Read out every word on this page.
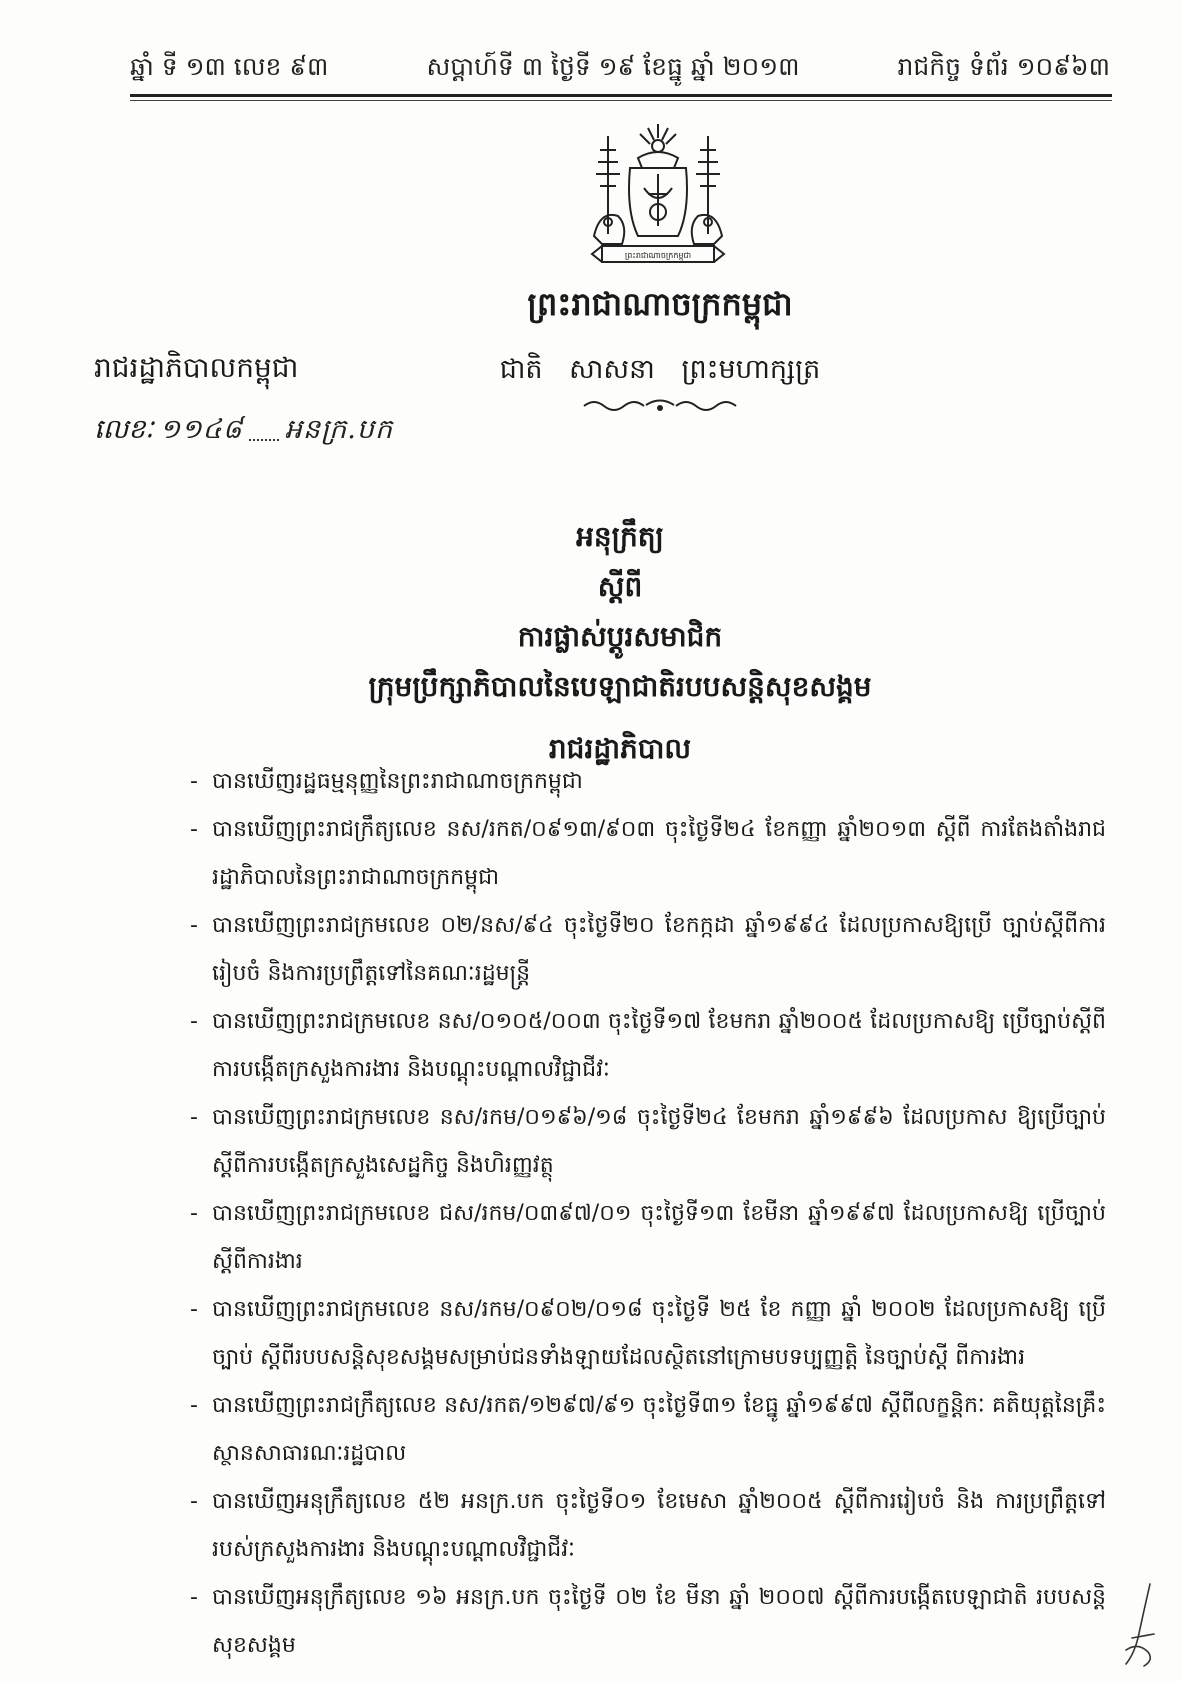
ឆ្នាំ ទី ១៣ លេខ ៩៣	សប្តាហ៍ទី ៣ ថ្ងៃទី ១៩ ខែធ្នូ ឆ្នាំ ២០១៣	រាជកិច្ច ទំព័រ ១០៩៦៣
ព្រះរាជាណាចក្រកម្ពុជា
ព្រះរាជាណាចក្រកម្ពុជា
ជាតិ សាសនា ព្រះមហាក្សត្រ
រាជរដ្ឋាភិបាលកម្ពុជា
លេខៈ ១១៤៨ អនក្រ.បក

អនុក្រឹត្យ

ស្តីពី

ការផ្លាស់ប្តូរសមាជិក

ក្រុមប្រឹក្សាភិបាលនៃបេឡាជាតិរបបសន្តិសុខសង្គម

រាជរដ្ឋាភិបាល

- បានឃើញរដ្ឋធម្មនុញ្ញនៃព្រះរាជាណាចក្រកម្ពុជា
- បានឃើញព្រះរាជក្រឹត្យលេខ នស/រកត/០៩១៣/៩០៣ ចុះថ្ងៃទី២៤ ខែកញ្ញា ឆ្នាំ២០១៣ ស្តីពី ការតែងតាំងរាជរដ្ឋាភិបាលនៃព្រះរាជាណាចក្រកម្ពុជា
- បានឃើញព្រះរាជក្រមលេខ ០២/នស/៩៤ ចុះថ្ងៃទី២០ ខែកក្កដា ឆ្នាំ១៩៩៤ ដែលប្រកាសឱ្យប្រើ ច្បាប់ស្តីពីការរៀបចំ និងការប្រព្រឹត្តទៅនៃគណៈរដ្ឋមន្ត្រី
- បានឃើញព្រះរាជក្រមលេខ នស/០១០៥/០០៣ ចុះថ្ងៃទី១៧ ខែមករា ឆ្នាំ២០០៥ ដែលប្រកាសឱ្យ ប្រើច្បាប់ស្តីពីការបង្កើតក្រសួងការងារ និងបណ្តុះបណ្តាលវិជ្ជាជីវៈ
- បានឃើញព្រះរាជក្រមលេខ នស/រកម/០១៩៦/១៨ ចុះថ្ងៃទី២៤ ខែមករា ឆ្នាំ១៩៩៦ ដែលប្រកាស ឱ្យប្រើច្បាប់ស្តីពីការបង្កើតក្រសួងសេដ្ឋកិច្ច និងហិរញ្ញវត្ថុ
- បានឃើញព្រះរាជក្រមលេខ ជស/រកម/០៣៩៧/០១ ចុះថ្ងៃទី១៣ ខែមីនា ឆ្នាំ១៩៩៧ ដែលប្រកាសឱ្យ ប្រើច្បាប់ស្តីពីការងារ
- បានឃើញព្រះរាជក្រមលេខ នស/រកម/០៩០២/០១៨ ចុះថ្ងៃទី ២៥ ខែ កញ្ញា ឆ្នាំ ២០០២ ដែលប្រកាសឱ្យ ប្រើច្បាប់ ស្តីពីរបបសន្តិសុខសង្គមសម្រាប់ជនទាំងឡាយដែលស្ថិតនៅក្រោមបទប្បញ្ញត្តិ នៃច្បាប់ស្តី ពីការងារ
- បានឃើញព្រះរាជក្រឹត្យលេខ នស/រកត/១២៩៧/៩១ ចុះថ្ងៃទី៣១ ខែធ្នូ ឆ្នាំ១៩៩៧ ស្តីពីលក្ខន្តិកៈ គតិយុត្តនៃគ្រឹះស្ថានសាធារណៈរដ្ឋបាល
- បានឃើញអនុក្រឹត្យលេខ ៥២ អនក្រ.បក ចុះថ្ងៃទី០១ ខែមេសា ឆ្នាំ២០០៥ ស្តីពីការរៀបចំ និង ការប្រព្រឹត្តទៅរបស់ក្រសួងការងារ និងបណ្តុះបណ្តាលវិជ្ជាជីវៈ
- បានឃើញអនុក្រឹត្យលេខ ១៦ អនក្រ.បក ចុះថ្ងៃទី ០២ ខែ មីនា ឆ្នាំ ២០០៧ ស្តីពីការបង្កើតបេឡាជាតិ របបសន្តិសុខសង្គម
